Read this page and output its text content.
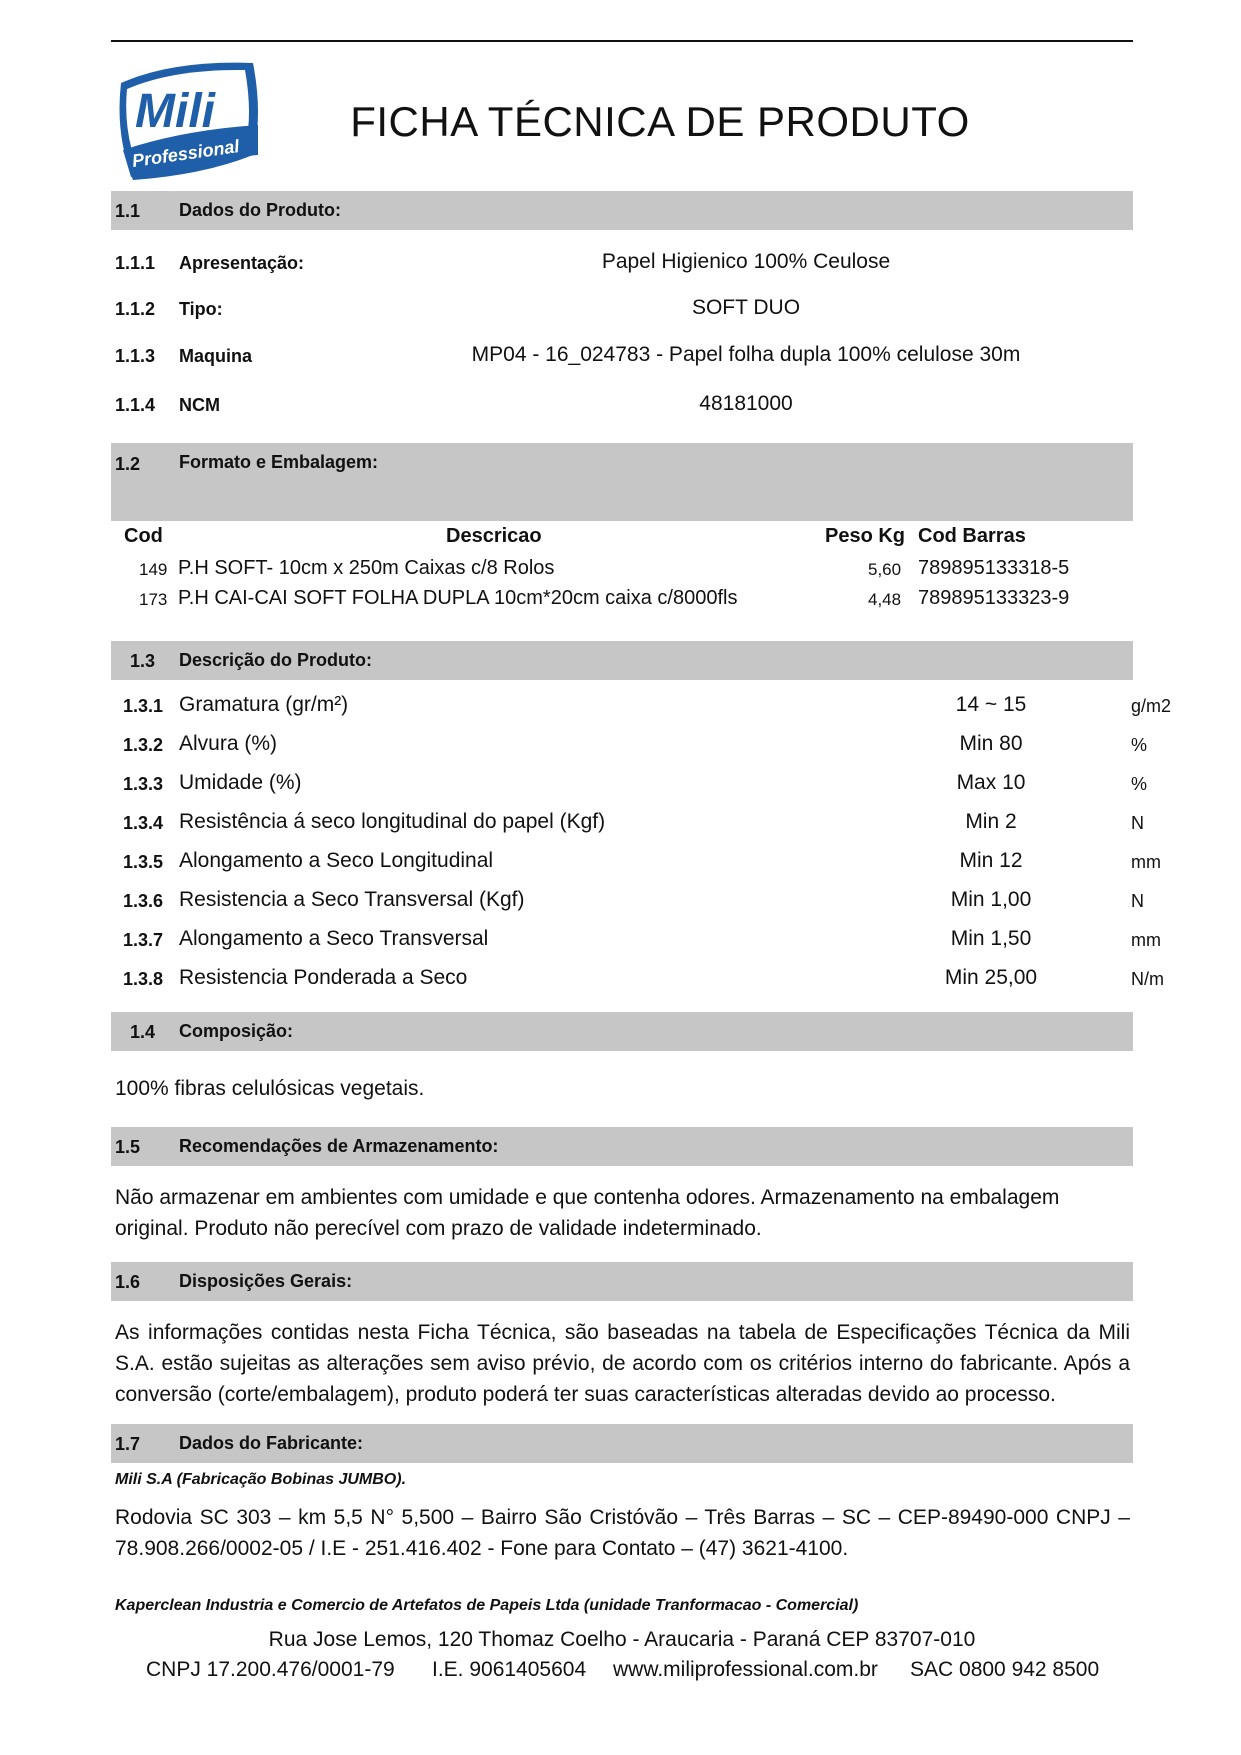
Mili
Professional
FICHA TÉCNICA DE PRODUTO
1.1 Dados do Produto:
1.1.1 Apresentação:	Papel Higienico 100% Ceulose
1.1.2 Tipo:	SOFT DUO
1.1.3 Maquina	MP04 - 16_024783 - Papel folha dupla 100% celulose 30m
1.1.4 NCM	48181000
1.2 Formato e Embalagem:
Cod	Descricao	Peso Kg Cod Barras
149 P.H SOFT- 10cm x 250m Caixas c/8 Rolos	5,60 789895133318-5
173 P.H CAI-CAI SOFT FOLHA DUPLA 10cm*20cm caixa c/8000fls	4,48 789895133323-9
1.3 Descrição do Produto:
1.3.1 Gramatura (gr/m²)	14 ~ 15	g/m2
1.3.2 Alvura (%)	Min 80	%
1.3.3 Umidade (%)	Max 10	%
1.3.4 Resistência á seco longitudinal do papel (Kgf)	Min 2	N
1.3.5 Alongamento a Seco Longitudinal	Min 12	mm
1.3.6 Resistencia a Seco Transversal (Kgf)	Min 1,00	N
1.3.7 Alongamento a Seco Transversal	Min 1,50	mm
1.3.8 Resistencia Ponderada a Seco	Min 25,00	N/m
1.4 Composição:
100% fibras celulósicas vegetais.
1.5 Recomendações de Armazenamento:
Não armazenar em ambientes com umidade e que contenha odores. Armazenamento na embalagem original. Produto não perecível com prazo de validade indeterminado.
1.6 Disposições Gerais:
As informações contidas nesta Ficha Técnica, são baseadas na tabela de Especificações Técnica da Mili S.A. estão sujeitas as alterações sem aviso prévio, de acordo com os critérios interno do fabricante. Após a conversão (corte/embalagem), produto poderá ter suas características alteradas devido ao processo.
1.7 Dados do Fabricante:
Mili S.A (Fabricação Bobinas JUMBO).
Rodovia SC 303 – km 5,5 N° 5,500 – Bairro São Cristóvão – Três Barras – SC – CEP-89490-000 CNPJ – 78.908.266/0002-05 / I.E - 251.416.402 - Fone para Contato – (47) 3621-4100.
Kaperclean Industria e Comercio de Artefatos de Papeis Ltda (unidade Tranformacao - Comercial)
Rua Jose Lemos, 120 Thomaz Coelho - Araucaria - Paraná CEP 83707-010
CNPJ 17.200.476/0001-79 I.E. 9061405604 www.miliprofessional.com.br SAC 0800 942 8500
